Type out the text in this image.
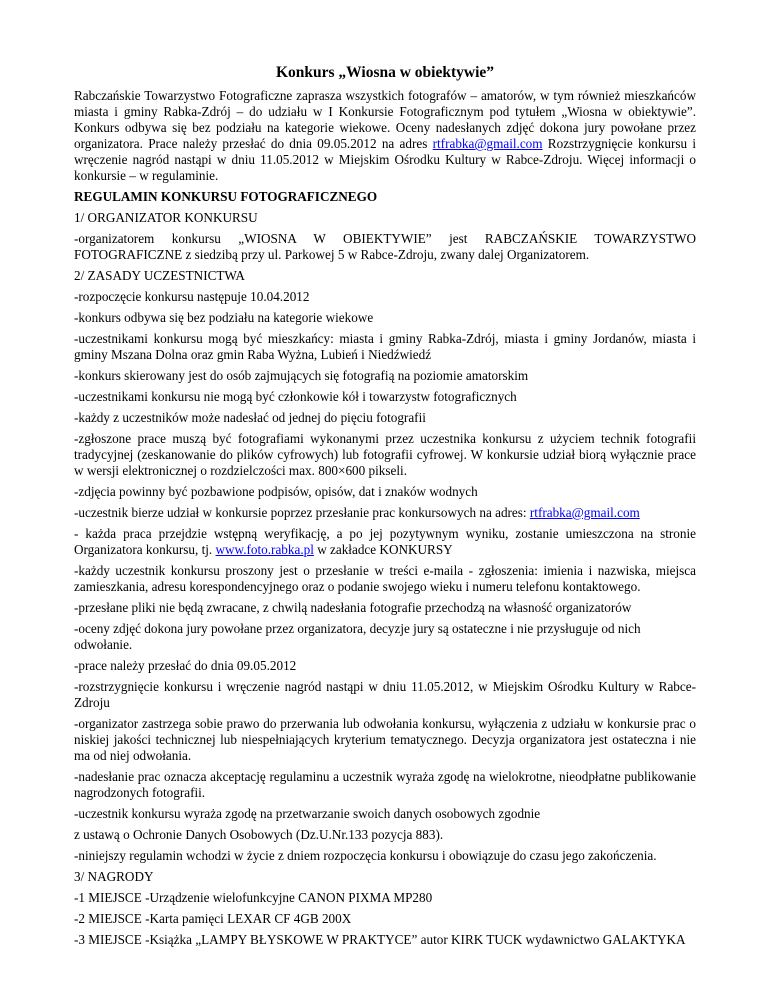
Konkurs „Wiosna w obiektywie”

Rabczańskie Towarzystwo Fotograficzne zaprasza wszystkich fotografów – amatorów, w tym również mieszkańców miasta i gminy Rabka-Zdrój – do udziału w I Konkursie Fotograficznym pod tytułem „Wiosna w obiektywie”. Konkurs odbywa się bez podziału na kategorie wiekowe. Oceny nadesłanych zdjęć dokona jury powołane przez organizatora. Prace należy przesłać do dnia 09.05.2012 na adres rtfrabka@gmail.com Rozstrzygnięcie konkursu i wręczenie nagród nastąpi w dniu 11.05.2012 w Miejskim Ośrodku Kultury w Rabce-Zdroju. Więcej informacji o konkursie – w regulaminie.

REGULAMIN KONKURSU FOTOGRAFICZNEGO

1/ ORGANIZATOR KONKURSU

-organizatorem konkursu „WIOSNA W OBIEKTYWIE” jest RABCZAŃSKIE TOWARZYSTWO FOTOGRAFICZNE z siedzibą przy ul. Parkowej 5 w Rabce-Zdroju, zwany dalej Organizatorem.

2/ ZASADY UCZESTNICTWA

-rozpoczęcie konkursu następuje 10.04.2012

-konkurs odbywa się bez podziału na kategorie wiekowe

-uczestnikami konkursu mogą być mieszkańcy: miasta i gminy Rabka-Zdrój, miasta i gminy Jordanów, miasta i gminy Mszana Dolna oraz gmin Raba Wyżna, Lubień i Niedźwiedź

-konkurs skierowany jest do osób zajmujących się fotografią na poziomie amatorskim

-uczestnikami konkursu nie mogą być członkowie kół i towarzystw fotograficznych

-każdy z uczestników może nadesłać od jednej do pięciu fotografii

-zgłoszone prace muszą być fotografiami wykonanymi przez uczestnika konkursu z użyciem technik fotografii tradycyjnej (zeskanowanie do plików cyfrowych) lub fotografii cyfrowej. W konkursie udział biorą wyłącznie prace w wersji elektronicznej o rozdzielczości max. 800×600 pikseli.

-zdjęcia powinny być pozbawione podpisów, opisów, dat i znaków wodnych

-uczestnik bierze udział w konkursie poprzez przesłanie prac konkursowych na adres: rtfrabka@gmail.com

- każda praca przejdzie wstępną weryfikację, a po jej pozytywnym wyniku, zostanie umieszczona na stronie Organizatora konkursu, tj. www.foto.rabka.pl w zakładce KONKURSY

-każdy uczestnik konkursu proszony jest o przesłanie w treści e-maila - zgłoszenia: imienia i nazwiska, miejsca zamieszkania, adresu korespondencyjnego oraz o podanie swojego wieku i numeru telefonu kontaktowego.

-przesłane pliki nie będą zwracane, z chwilą nadesłania fotografie przechodzą na własność organizatorów

-oceny zdjęć dokona jury powołane przez organizatora, decyzje jury są ostateczne i nie przysługuje od nich odwołanie.

-prace należy przesłać do dnia 09.05.2012

-rozstrzygnięcie konkursu i wręczenie nagród nastąpi w dniu 11.05.2012, w Miejskim Ośrodku Kultury w Rabce-Zdroju

-organizator zastrzega sobie prawo do przerwania lub odwołania konkursu, wyłączenia z udziału w konkursie prac o niskiej jakości technicznej lub niespełniających kryterium tematycznego. Decyzja organizatora jest ostateczna i nie ma od niej odwołania.

-nadesłanie prac oznacza akceptację regulaminu a uczestnik wyraża zgodę na wielokrotne, nieodpłatne publikowanie nagrodzonych fotografii.

-uczestnik konkursu wyraża zgodę na przetwarzanie swoich danych osobowych zgodnie

z ustawą o Ochronie Danych Osobowych (Dz.U.Nr.133 pozycja 883).

-niniejszy regulamin wchodzi w życie z dniem rozpoczęcia konkursu i obowiązuje do czasu jego zakończenia.

3/ NAGRODY

-1 MIEJSCE -Urządzenie wielofunkcyjne CANON PIXMA MP280

-2 MIEJSCE -Karta pamięci LEXAR CF 4GB 200X

-3 MIEJSCE -Książka „LAMPY BŁYSKOWE W PRAKTYCE” autor KIRK TUCK wydawnictwo GALAKTYKA
